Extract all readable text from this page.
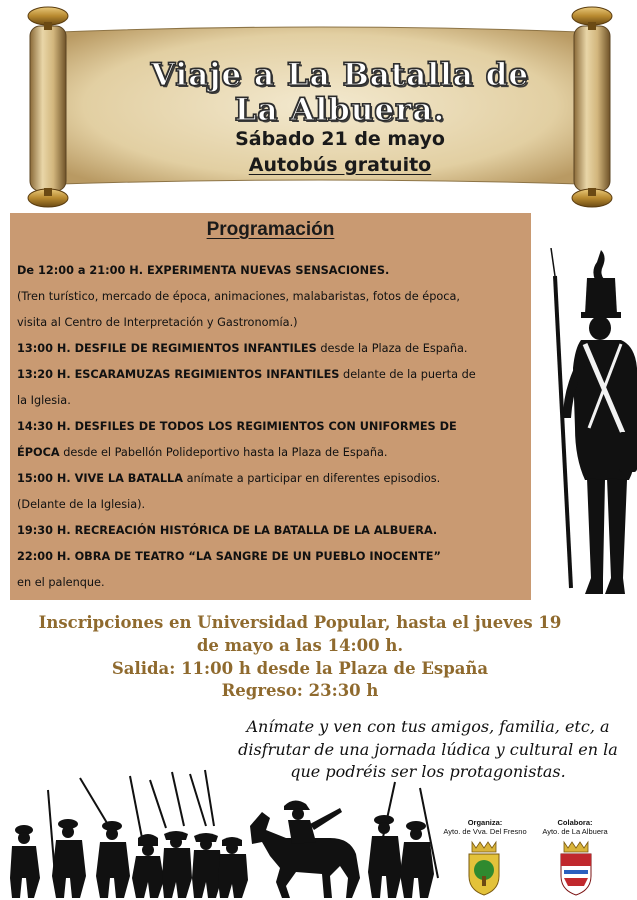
Viaje a La Batalla de
La Albuera.
Sábado 21 de mayo
Autobús gratuito
Programación
De 12:00 a 21:00 H. EXPERIMENTA NUEVAS SENSACIONES.
(Tren turístico, mercado de época, animaciones, malabaristas, fotos de época,
visita al Centro de Interpretación y Gastronomía.)
13:00 H. DESFILE DE REGIMIENTOS INFANTILES desde la Plaza de España.
13:20 H. ESCARAMUZAS REGIMIENTOS INFANTILES delante de la puerta de
la Iglesia.
14:30 H. DESFILES DE TODOS LOS REGIMIENTOS CON UNIFORMES DE
ÉPOCA desde el Pabellón Polideportivo hasta la Plaza de España.
15:00 H. VIVE LA BATALLA anímate a participar en diferentes episodios.
(Delante de la Iglesia).
19:30 H. RECREACIÓN HISTÓRICA DE LA BATALLA DE LA ALBUERA.
22:00 H. OBRA DE TEATRO “LA SANGRE DE UN PUEBLO INOCENTE”
en el palenque.
Inscripciones en Universidad Popular, hasta el jueves 19
de mayo a las 14:00 h.
Salida: 11:00 h desde la Plaza de España
Regreso: 23:30 h
Anímate y ven con tus amigos, familia, etc, a
disfrutar de una jornada lúdica y cultural en la
que podréis ser los protagonistas.
Organiza:
Ayto. de Vva. Del Fresno
Colabora:
Ayto. de La Albuera
